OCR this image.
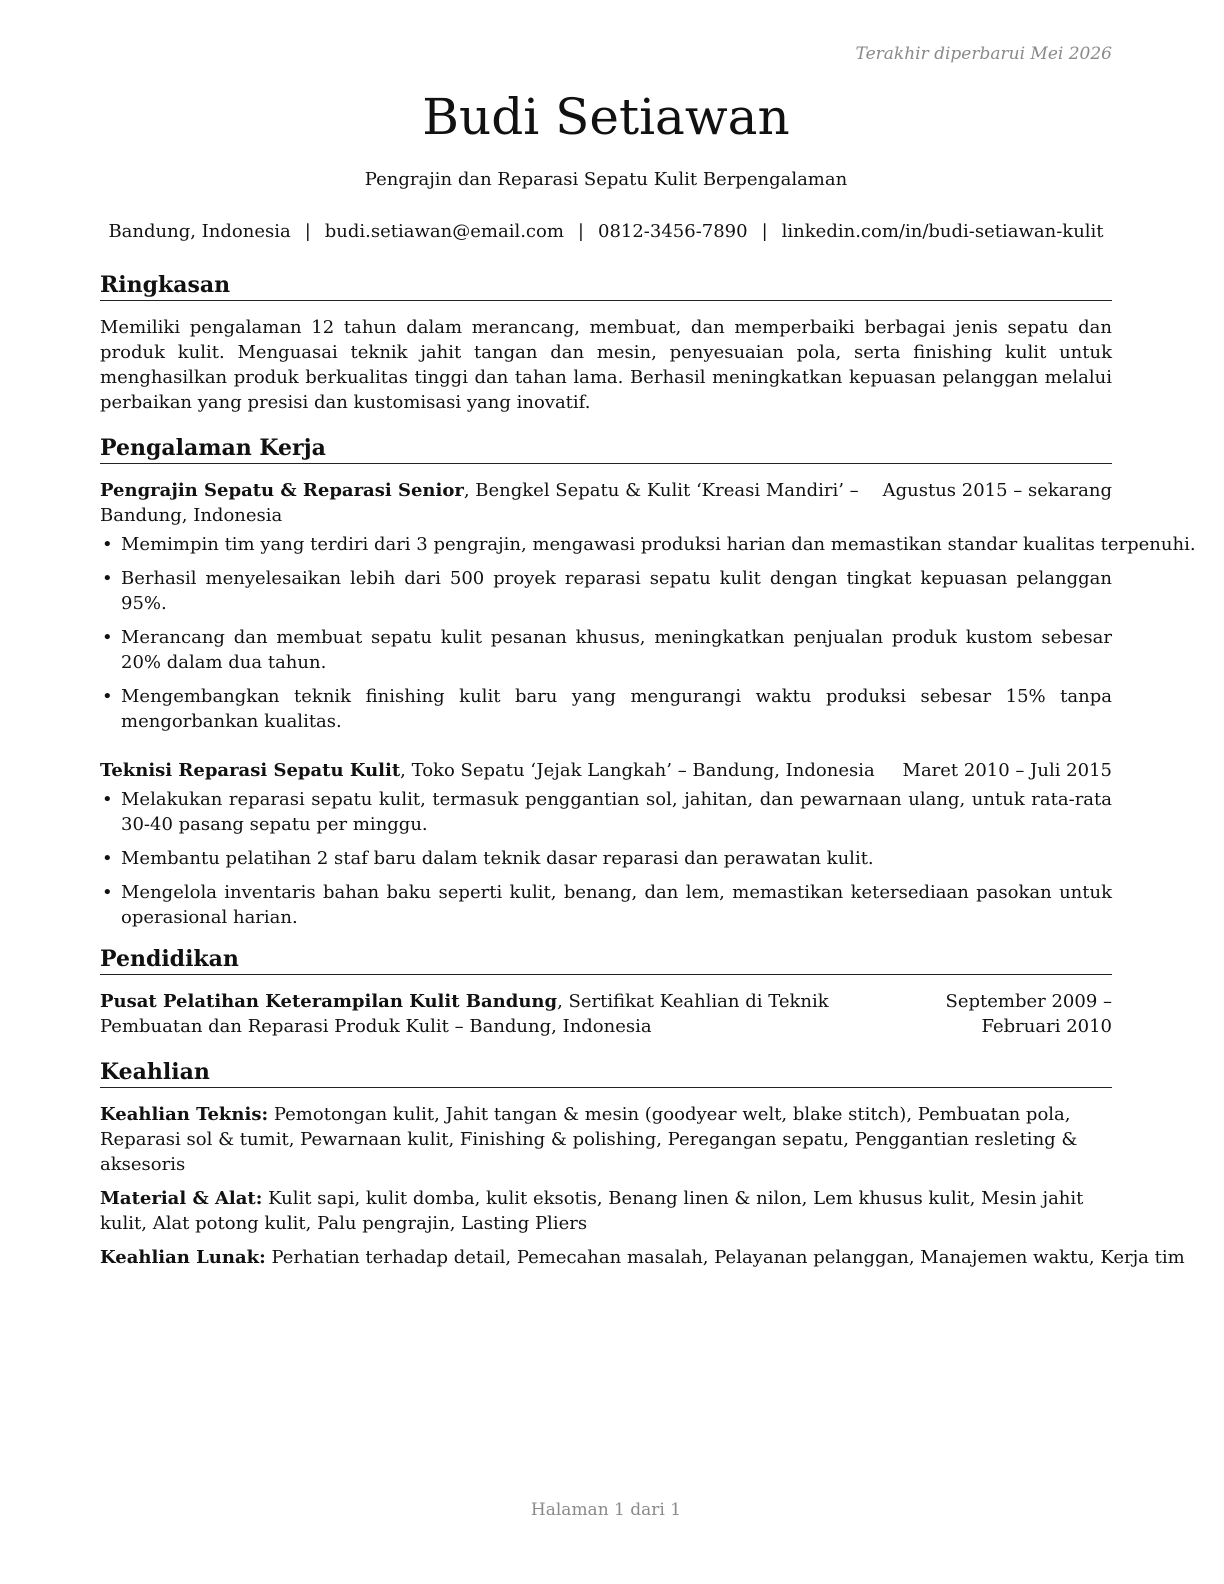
Terakhir diperbarui Mei 2026
Budi Setiawan
Pengrajin dan Reparasi Sepatu Kulit Berpengalaman
Bandung, Indonesia | budi.setiawan@email.com | 0812-3456-7890 | linkedin.com/in/budi-setiawan-kulit
Ringkasan

Memiliki pengalaman 12 tahun dalam merancang, membuat, dan memperbaiki berbagai jenis sepatu dan produk kulit. Menguasai teknik jahit tangan dan mesin, penyesuaian pola, serta finishing kulit untuk menghasilkan produk berkualitas tinggi dan tahan lama. Berhasil meningkatkan kepuasan pelanggan melalui perbaikan yang presisi dan kustomisasi yang inovatif.

Pengalaman Kerja
Pengrajin Sepatu & Reparasi Senior, Bengkel Sepatu & Kulit ‘Kreasi Mandiri’ – Bandung, Indonesia
Agustus 2015 – sekarang
• Memimpin tim yang terdiri dari 3 pengrajin, mengawasi produksi harian dan memastikan standar kualitas terpenuhi.
• Berhasil menyelesaikan lebih dari 500 proyek reparasi sepatu kulit dengan tingkat kepuasan pelanggan 95%.
• Merancang dan membuat sepatu kulit pesanan khusus, meningkatkan penjualan produk kustom sebesar 20% dalam dua tahun.
• Mengembangkan teknik finishing kulit baru yang mengurangi waktu produksi sebesar 15% tanpa mengorbankan kualitas.
Teknisi Reparasi Sepatu Kulit, Toko Sepatu ‘Jejak Langkah’ – Bandung, Indonesia	Maret 2010 – Juli 2015
• Melakukan reparasi sepatu kulit, termasuk penggantian sol, jahitan, dan pewarnaan ulang, untuk rata-rata 30-40 pasang sepatu per minggu.
• Membantu pelatihan 2 staf baru dalam teknik dasar reparasi dan perawatan kulit.
• Mengelola inventaris bahan baku seperti kulit, benang, dan lem, memastikan ketersediaan pasokan untuk operasional harian.
Pendidikan
Pusat Pelatihan Keterampilan Kulit Bandung, Sertifikat Keahlian di Teknik Pembuatan dan Reparasi Produk Kulit – Bandung, Indonesia
September 2009 – Februari 2010
Keahlian

Keahlian Teknis: Pemotongan kulit, Jahit tangan & mesin (goodyear welt, blake stitch), Pembuatan pola, Reparasi sol & tumit, Pewarnaan kulit, Finishing & polishing, Peregangan sepatu, Penggantian resleting & aksesoris

Material & Alat: Kulit sapi, kulit domba, kulit eksotis, Benang linen & nilon, Lem khusus kulit, Mesin jahit kulit, Alat potong kulit, Palu pengrajin, Lasting Pliers

Keahlian Lunak: Perhatian terhadap detail, Pemecahan masalah, Pelayanan pelanggan, Manajemen waktu, Kerja tim

Halaman 1 dari 1
